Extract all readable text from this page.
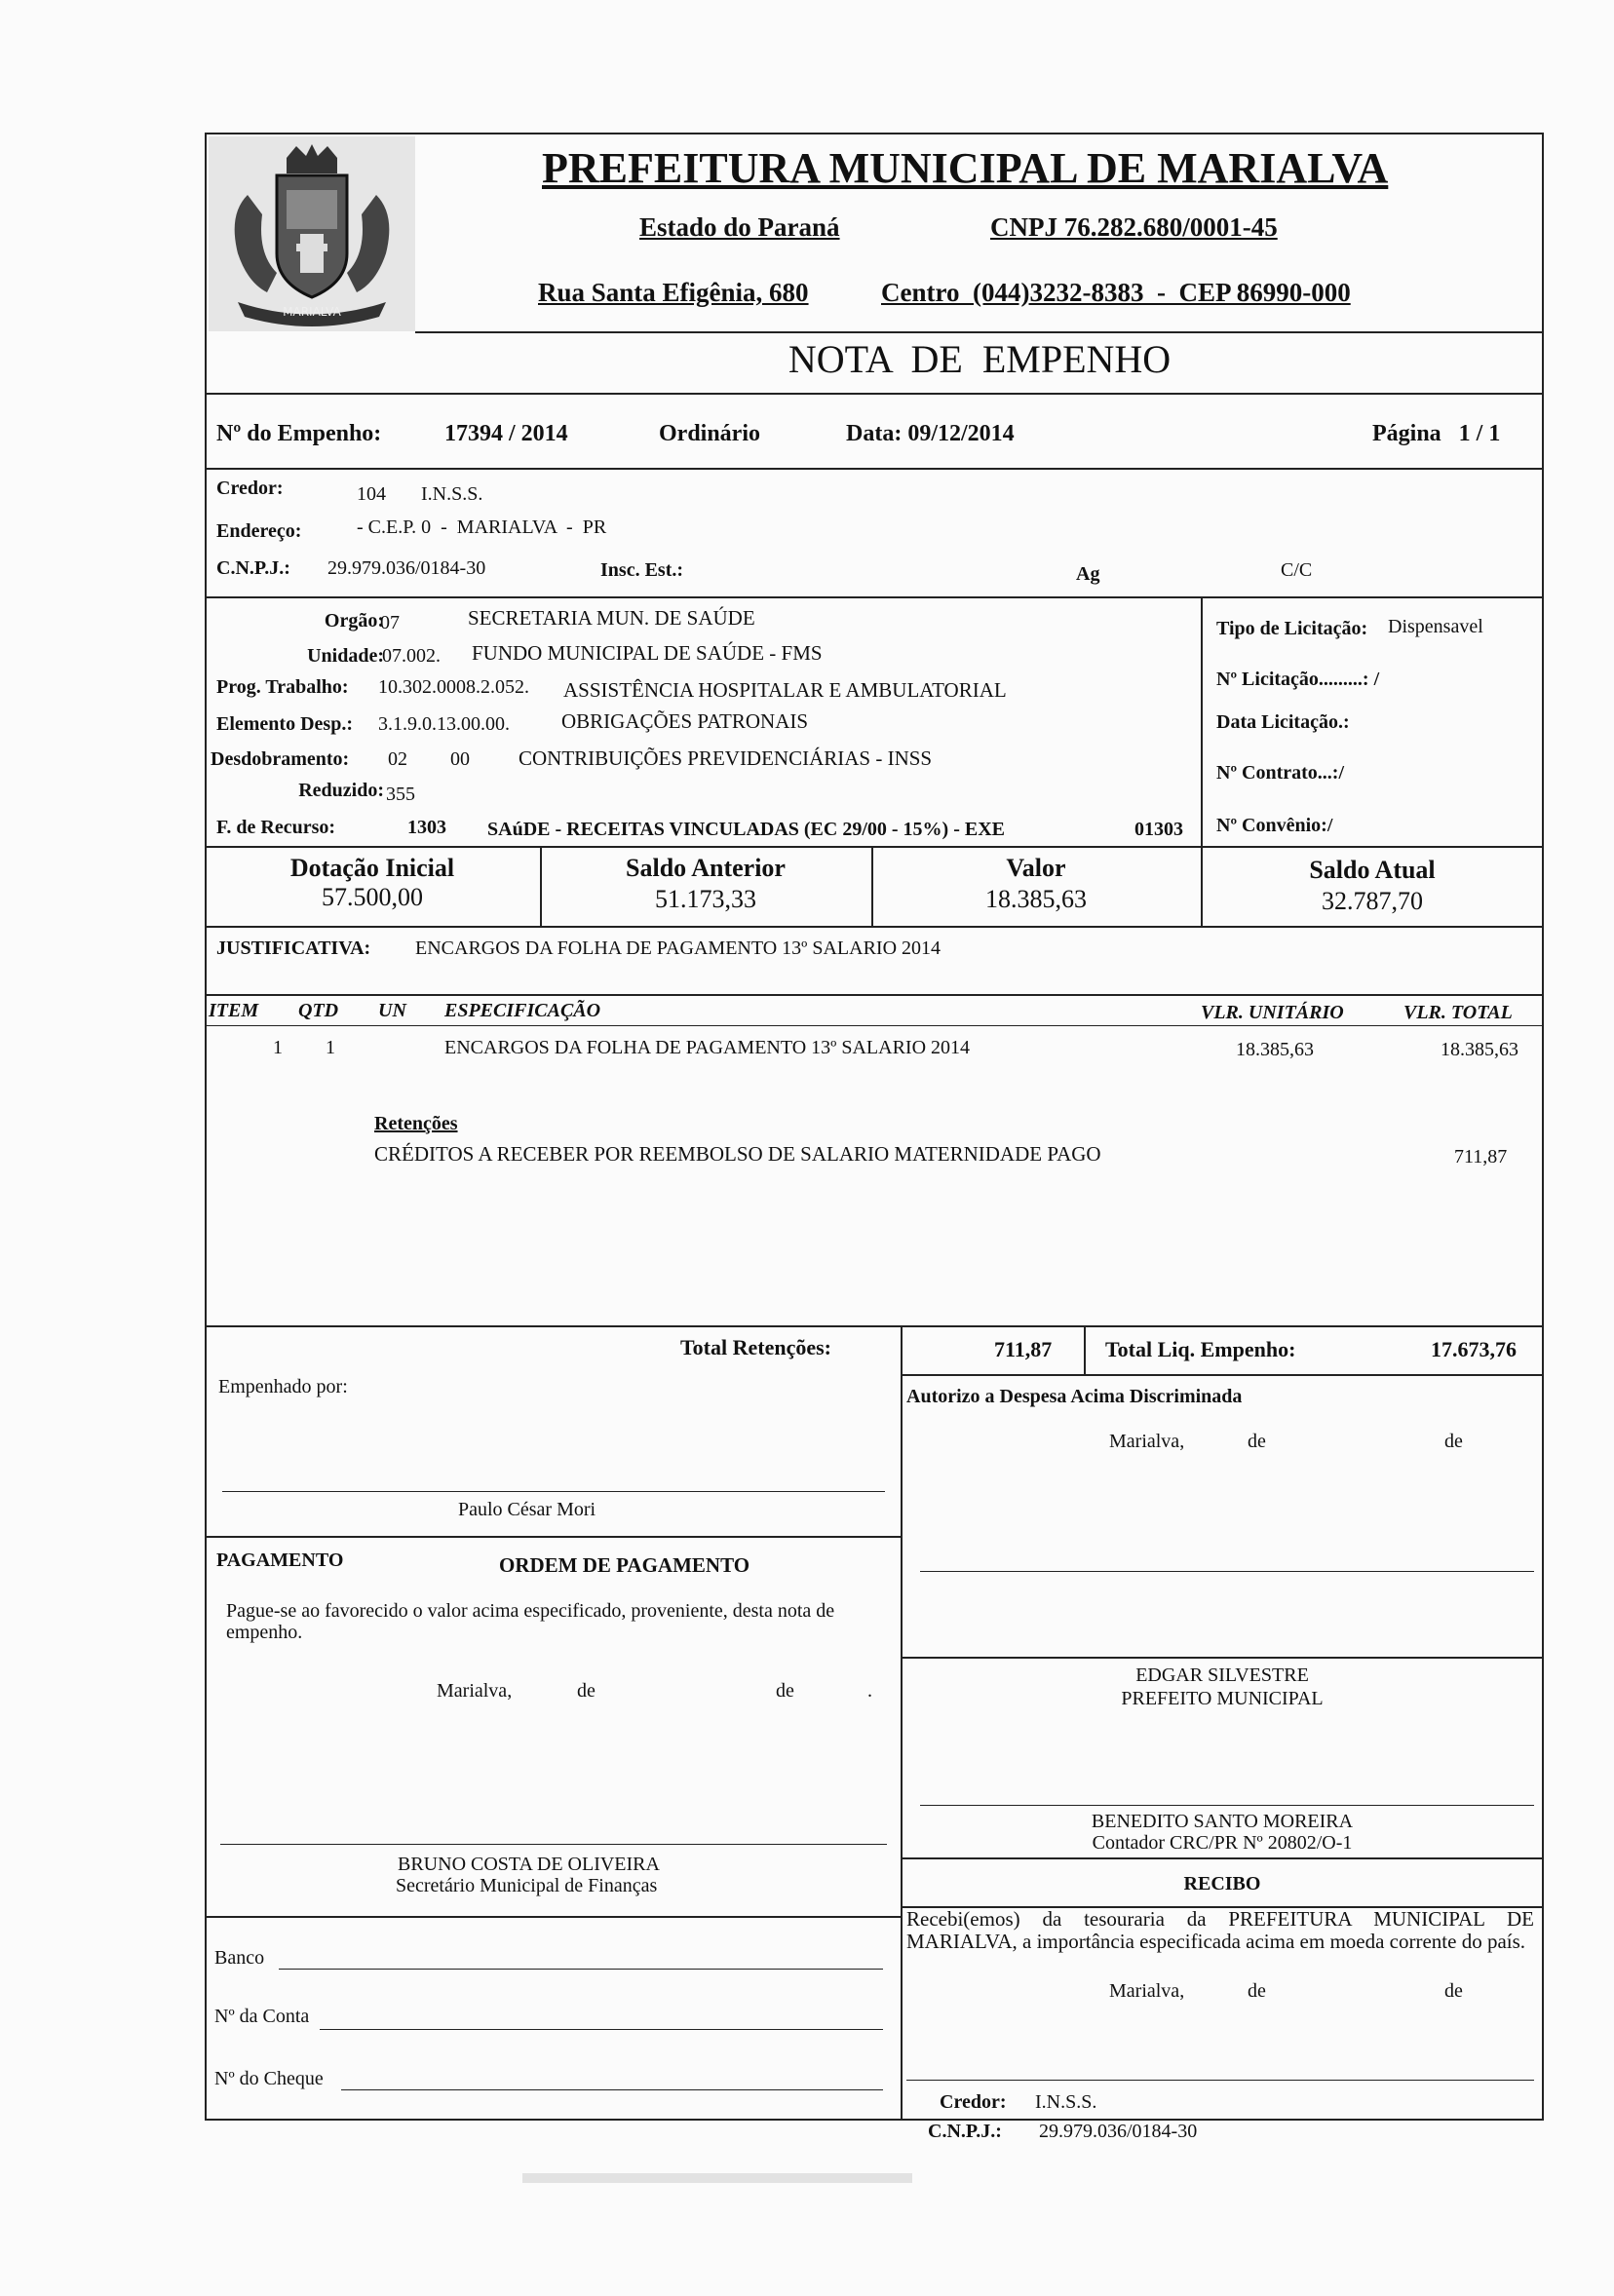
MARIALVA
PREFEITURA MUNICIPAL DE MARIALVA
Estado do Paraná	CNPJ 76.282.680/0001-45
Rua Santa Efigênia, 680	Centro  (044)3232-8383  -  CEP 86990-000
NOTA  DE  EMPENHO
Nº do Empenho:	17394 / 2014	Ordinário	Data: 09/12/2014	Página   1 / 1
Credor:	104 I.N.S.S.
Endereço:	- C.E.P. 0  -  MARIALVA  -  PR
C.N.P.J.: 29.979.036/0184-30	Insc. Est.:	Ag	C/C
Orgão:
07	SECRETARIA MUN. DE SAÚDE
Unidade:
07.002. FUNDO MUNICIPAL DE SAÚDE - FMS
Prog. Trabalho: 10.302.0008.2.052. ASSISTÊNCIA HOSPITALAR E AMBULATORIAL
Elemento Desp.: 3.1.9.0.13.00.00.	OBRIGAÇÕES PATRONAIS
Desdobramento: 02 00 CONTRIBUIÇÕES PREVIDENCIÁRIAS - INSS
Reduzido: 355
F. de Recurso:	1303 SAúDE - RECEITAS VINCULADAS (EC 29/00 - 15%) - EXE	01303
Tipo de Licitação: Dispensavel
Nº Licitação.........: /
Data Licitação.:
Nº Contrato...:/
Nº Convênio:/
Dotação Inicial
57.500,00
Saldo Anterior
51.173,33
Valor
18.385,63
Saldo Atual
32.787,70
JUSTIFICATIVA: ENCARGOS DA FOLHA DE PAGAMENTO 13º SALARIO 2014
ITEM QTD UN ESPECIFICAÇÃO	VLR. UNITÁRIO	VLR. TOTAL
1 1	ENCARGOS DA FOLHA DE PAGAMENTO 13º SALARIO 2014	18.385,63	18.385,63
Retenções
CRÉDITOS A RECEBER POR REEMBOLSO DE SALARIO MATERNIDADE PAGO	711,87
Total Retenções:	711,87 Total Liq. Empenho:	17.673,76
Empenhado por:
Paulo César Mori
PAGAMENTO	ORDEM DE PAGAMENTO
Pague-se ao favorecido o valor acima especificado, proveniente, desta nota de empenho.
Marialva,	de	de	.
BRUNO COSTA DE OLIVEIRA
Secretário Municipal de Finanças
Banco
Nº da Conta
Nº do Cheque
Autorizo a Despesa Acima Discriminada
Marialva,	de	de
EDGAR SILVESTRE
PREFEITO MUNICIPAL
BENEDITO SANTO MOREIRA
Contador CRC/PR Nº 20802/O-1
RECIBO
Recebi(emos) da tesouraria da PREFEITURA MUNICIPAL DE MARIALVA, a importância especificada acima em moeda corrente do país.
Marialva,	de	de
Credor: I.N.S.S.
C.N.P.J.: 29.979.036/0184-30
